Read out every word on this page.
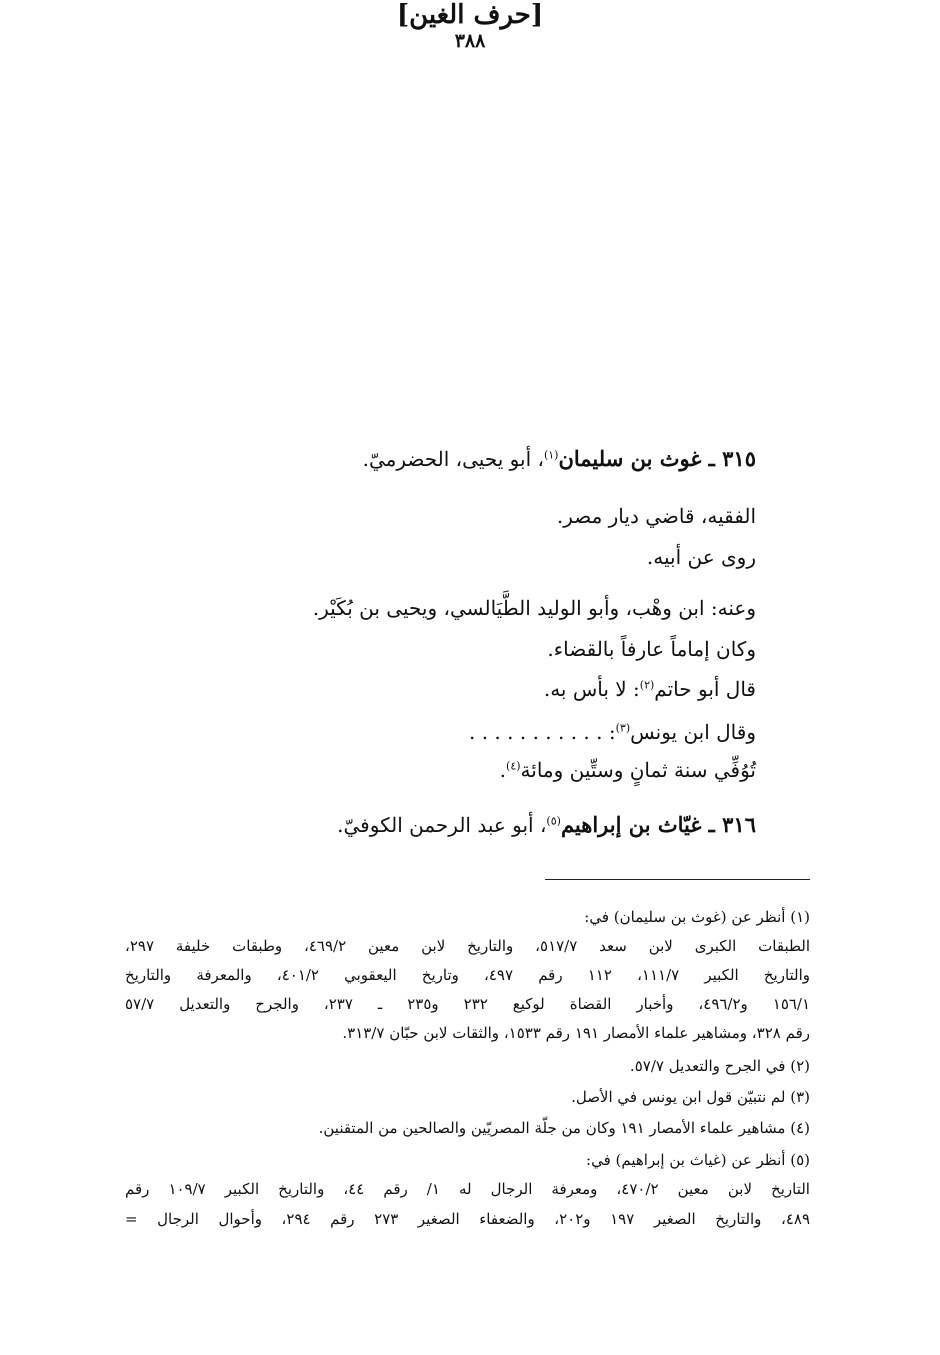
[حرف الغين]
٣١٥ ـ غوث بن سليمان$^{(١)}$، أبو يحيى، الحضرميّ.
الفقيه، قاضي ديار مصر.
روى عن أبيه.
وعنه: ابن وهْب، وأبو الوليد الطَّيَالسي، ويحيى بن بُكَيْر.
وكان إماماً عارفاً بالقضاء.
قال أبو حاتم$^{(٢)}$: لا بأس به.
وقال ابن يونس$^{(٣)}$: . . . . . . . . . . .
تُوُفِّي سنة ثمانٍ وستِّين ومائة$^{(٤)}$.
٣١٦ ـ غيّاث بن إبراهيم$^{(٥)}$، أبو عبد الرحمن الكوفيّ.
(١) أنظر عن (غوث بن سليمان) في:
الطبقات الكبرى لابن سعد ٥١٧/٧، والتاريخ لابن معين ٤٦٩/٢، وطبقات خليفة ٢٩٧،
والتاريخ الكبير ١١١/٧، ١١٢ رقم ٤٩٧، وتاريخ اليعقوبي ٤٠١/٢، والمعرفة والتاريخ
١٥٦/١ و٤٩٦/٢، وأخبار القضاة لوكيع ٢٣٢ و٢٣٥ ـ ٢٣٧، والجرح والتعديل ٥٧/٧
رقم ٣٢٨، ومشاهير علماء الأمصار ١٩١ رقم ١٥٣٣، والثقات لابن حبّان ٣١٣/٧.
(٢) في الجرح والتعديل ٥٧/٧.
(٣) لم نتبيّن قول ابن يونس في الأصل.
(٤) مشاهير علماء الأمصار ١٩١ وكان من جلّة المصريّين والصالحين من المتقنين.
(٥) أنظر عن (غياث بن إبراهيم) في:
التاريخ لابن معين ٤٧٠/٢، ومعرفة الرجال له ١/ رقم ٤٤، والتاريخ الكبير ١٠٩/٧ رقم
٤٨٩، والتاريخ الصغير ١٩٧ و٢٠٢، والضعفاء الصغير ٢٧٣ رقم ٢٩٤، وأحوال الرجال =
٣٨٨
